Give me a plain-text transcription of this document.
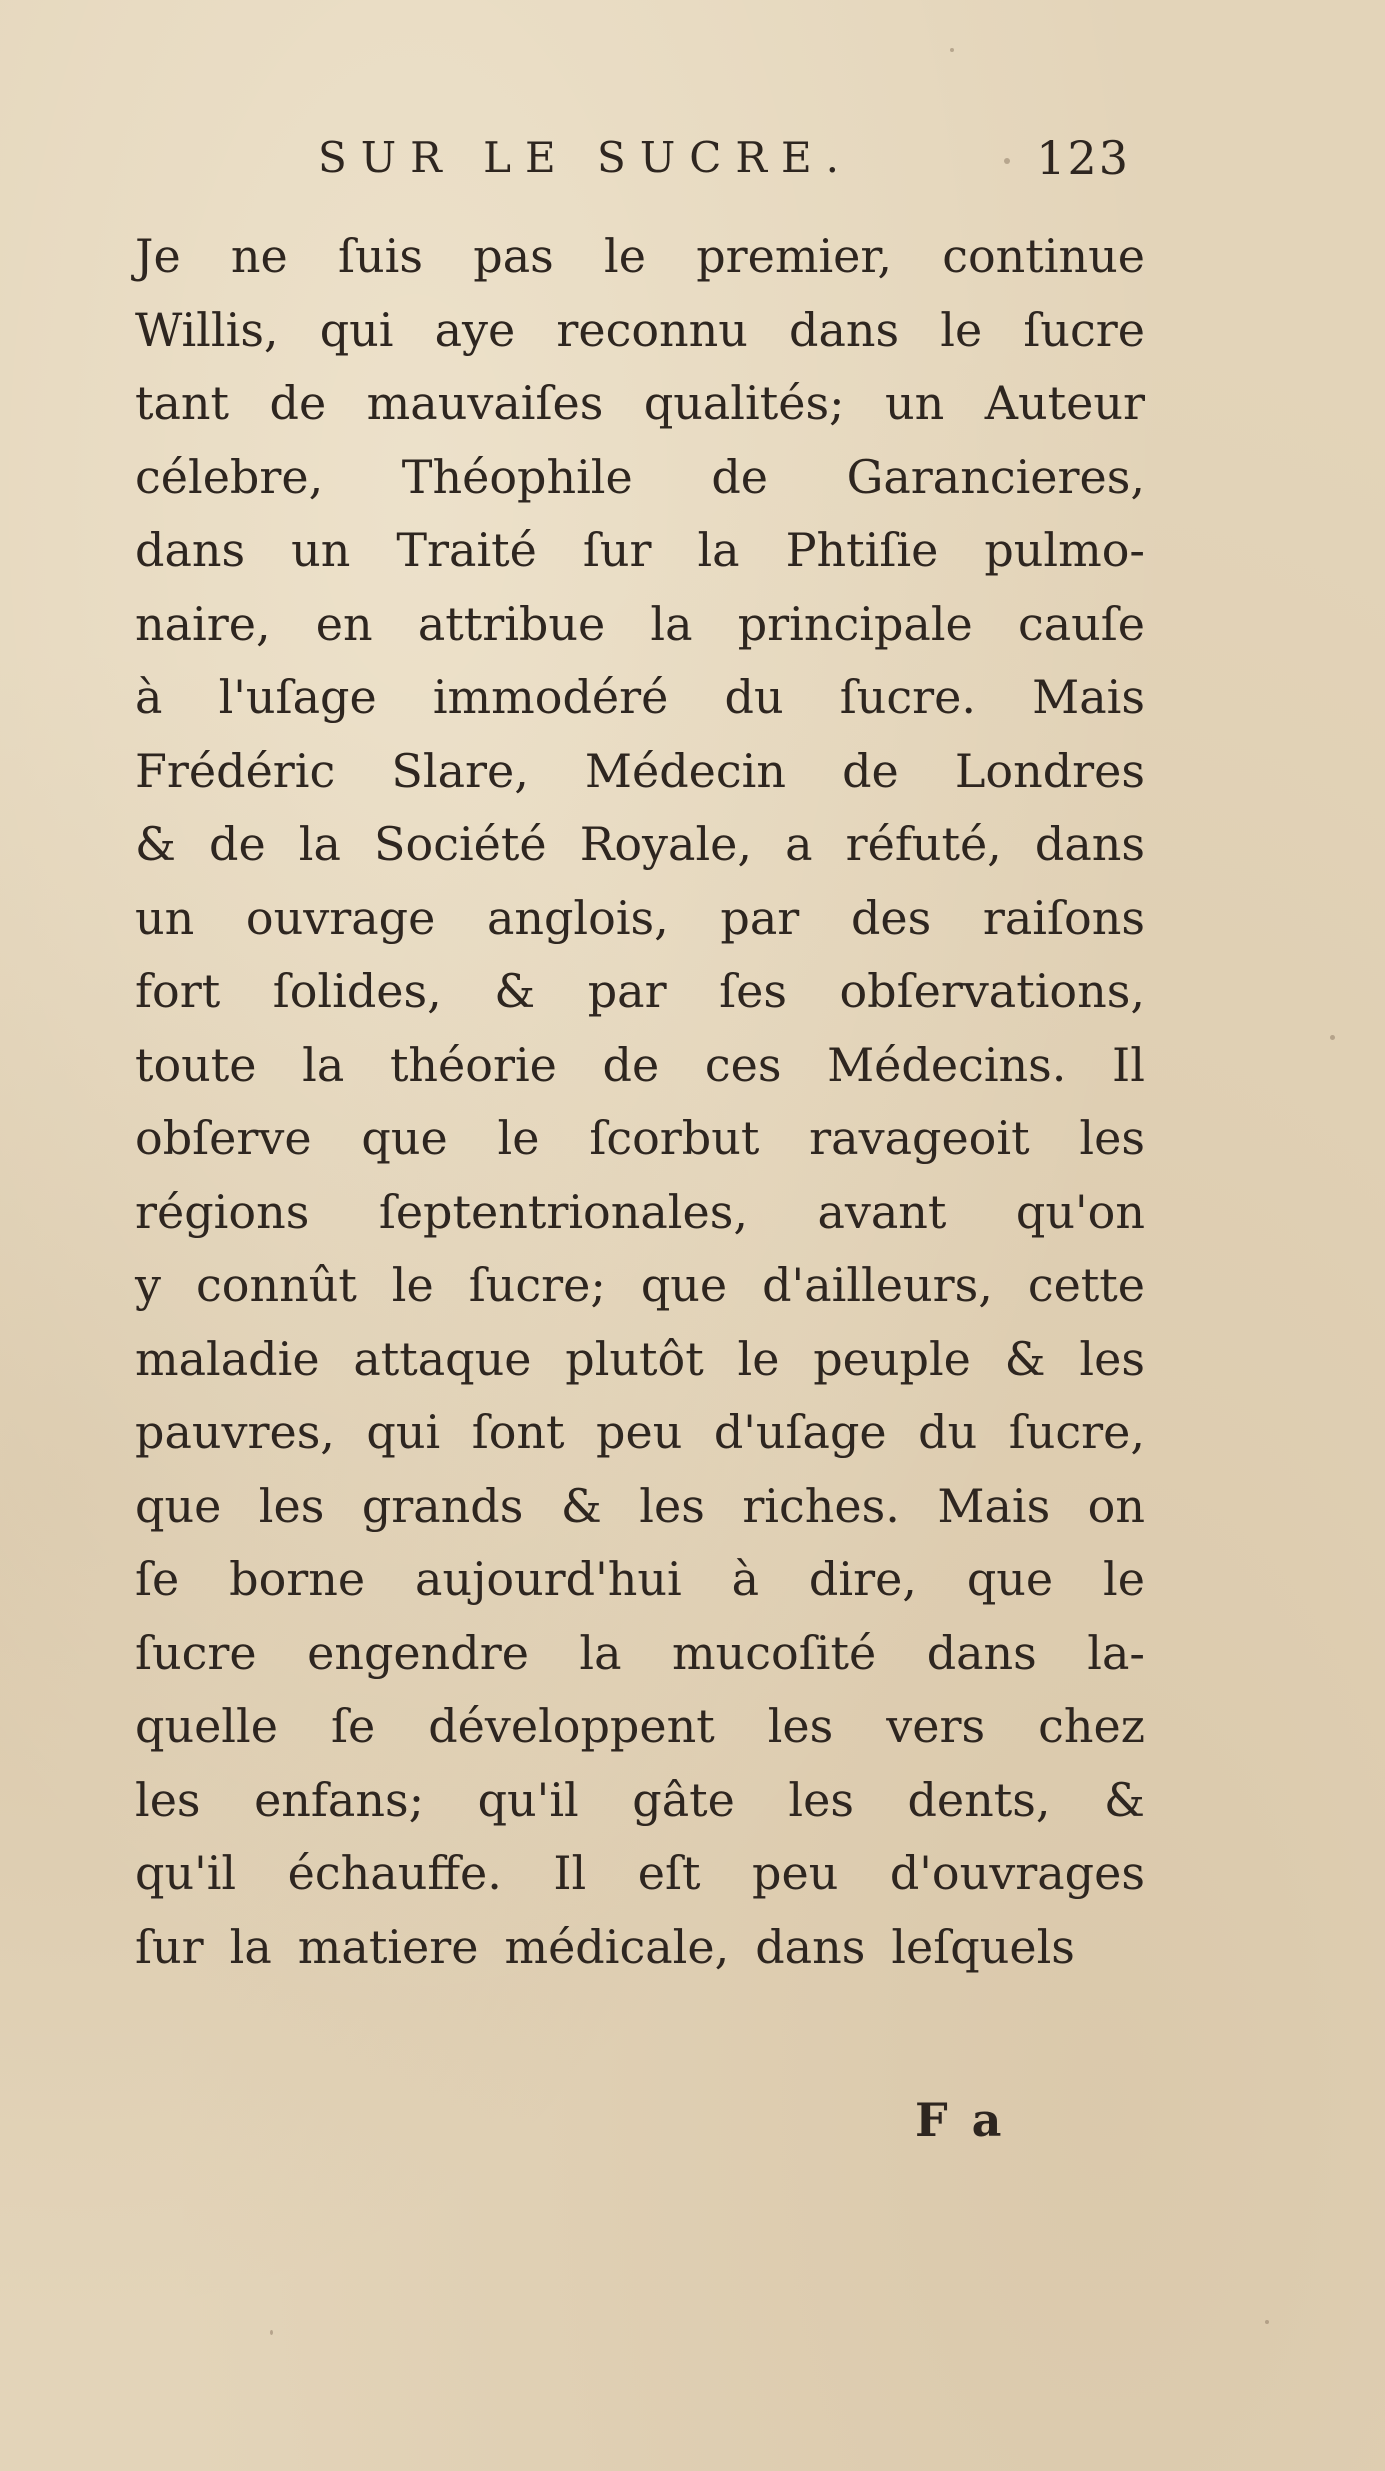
SUR LE SUCRE.	123
Je ne ſuis pas le premier, continue
Willis, qui aye reconnu dans le ſucre
tant de mauvaiſes qualités; un Auteur
célebre, Théophile de Garancieres,
dans un Traité ſur la Phtiſie pulmo-
naire, en attribue la principale cauſe
à l'uſage immodéré du ſucre. Mais
Frédéric Slare, Médecin de Londres
& de la Société Royale, a réfuté, dans
un ouvrage anglois, par des raiſons
fort ſolides, & par ſes obſervations,
toute la théorie de ces Médecins. Il
obſerve que le ſcorbut ravageoit les
régions ſeptentrionales, avant qu'on
y connût le ſucre; que d'ailleurs, cette
maladie attaque plutôt le peuple & les
pauvres, qui ſont peu d'uſage du ſucre,
que les grands & les riches. Mais on
ſe borne aujourd'hui à dire, que le
ſucre engendre la mucoſité dans la-
quelle ſe développent les vers chez
les enfans; qu'il gâte les dents, &
qu'il échauffe. Il eſt peu d'ouvrages
ſur la matiere médicale, dans leſquels
F a
